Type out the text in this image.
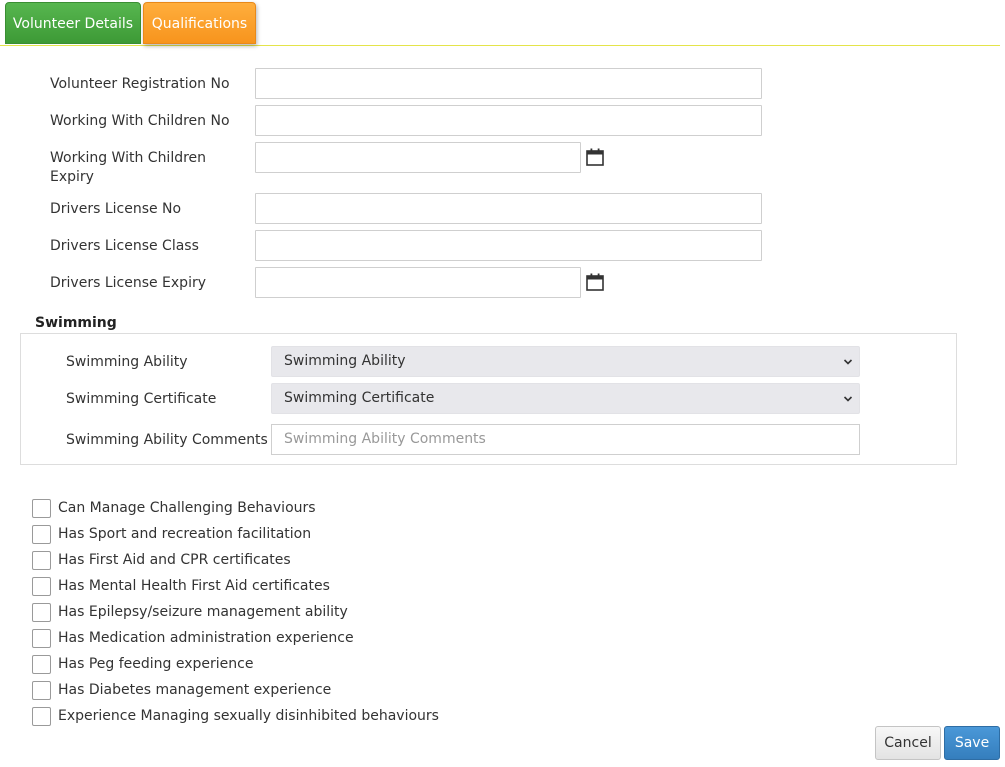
Volunteer Details	Qualifications
Volunteer Registration No
Working With Children No
Working With Children Expiry
Drivers License No
Drivers License Class
Drivers License Expiry
Swimming
Swimming Ability	Swimming Ability
Swimming Certificate	Swimming Certificate
Swimming Ability Comments	Swimming Ability Comments
Can Manage Challenging Behaviours
Has Sport and recreation facilitation
Has First Aid and CPR certificates
Has Mental Health First Aid certificates
Has Epilepsy/seizure management ability
Has Medication administration experience
Has Peg feeding experience
Has Diabetes management experience
Experience Managing sexually disinhibited behaviours
Cancel	Save
